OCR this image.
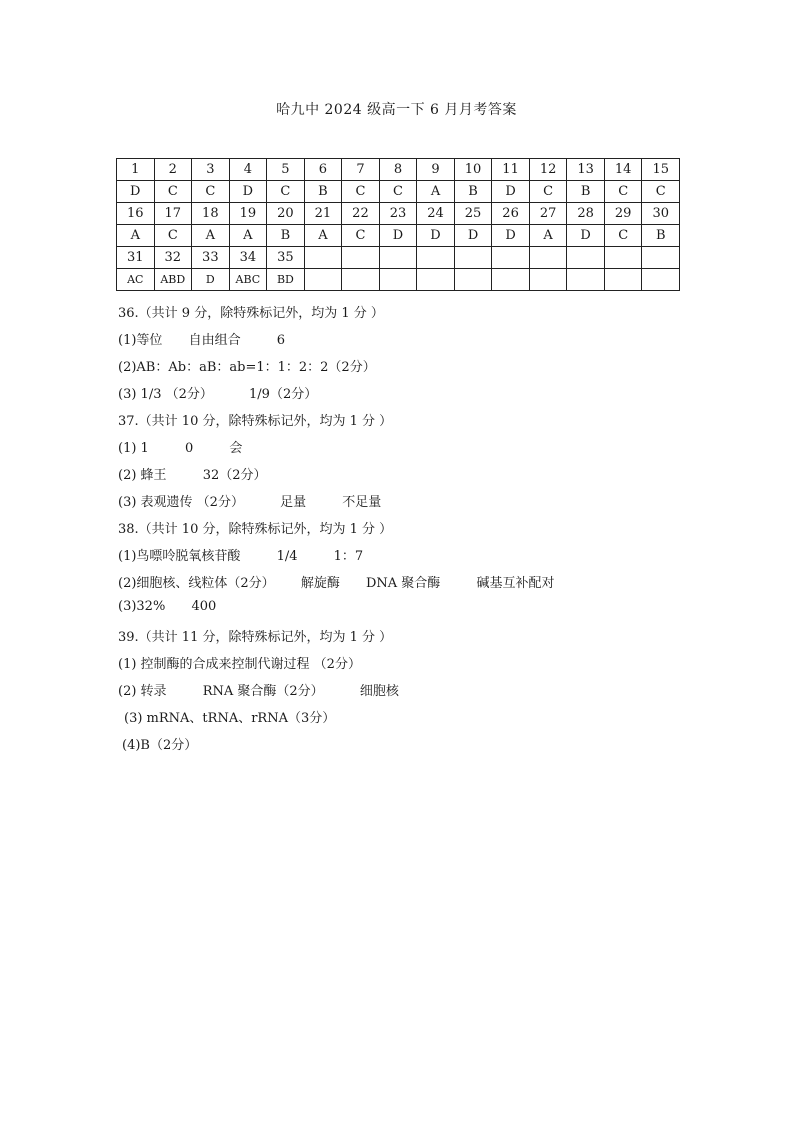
哈九中 2024 级高一下 6 月月考答案
1	2	3	4	5	6	7	8	9	10	11	12	13	14	15
D	C	C	D	C	B	C	C	A	B	D	C	B	C	C
16	17	18	19	20	21	22	23	24	25	26	27	28	29	30
A	C	A	A	B	A	C	D	D	D	D	A	D	C	B
31	32	33	34	35										
AC	ABD	D	ABC	BD										
36.（共计 9 分，除特殊标记外，均为 1 分 ）
(1)等位 自由组合	6
(2)AB：Ab：aB：ab=1：1：2：2（2分）
(3) 1/3 （2分）	1/9（2分）
37.（共计 10 分，除特殊标记外，均为 1 分 ）
(1) 1	0	会
(2) 蜂王	32（2分）
(3) 表观遗传 （2分）	足量	不足量
38.（共计 10 分，除特殊标记外，均为 1 分 ）
(1)鸟嘌呤脱氧核苷酸	1/4	1：7
(2)细胞核、线粒体（2分） 解旋酶 DNA 聚合酶	碱基互补配对
(3)32% 400
39.（共计 11 分，除特殊标记外，均为 1 分 ）
(1) 控制酶的合成来控制代谢过程 （2分）
(2) 转录	RNA 聚合酶（2分）	细胞核
(3) mRNA、tRNA、rRNA（3分）
(4)B（2分）
